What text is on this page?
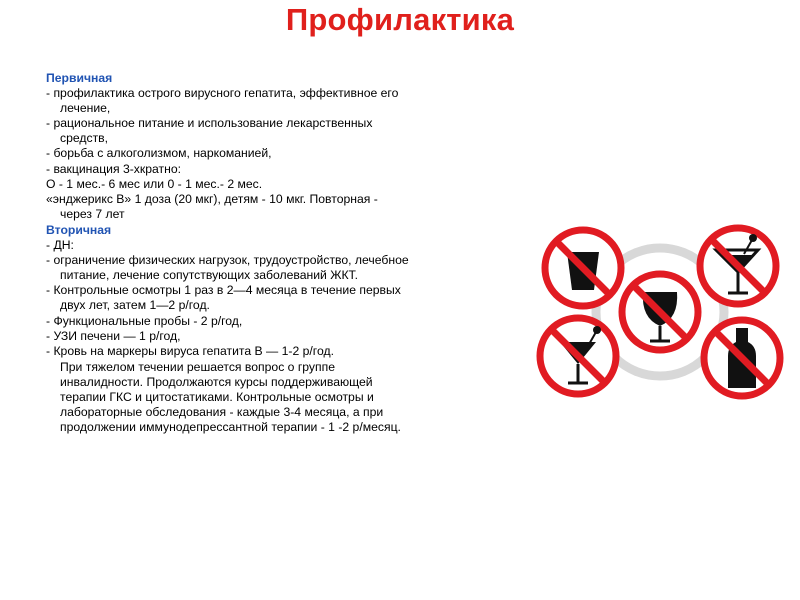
Профилактика
Первичная
- профилактика острого вирусного гепатита, эффективное его
лечение,
- рациональное питание и использование лекарственных
средств,
- борьба с алкоголизмом, наркоманией,
- вакцинация 3-хкратно:
О - 1 мес.- 6 мес или 0 - 1 мес.- 2 мес.
«энджерикс В» 1 доза (20 мкг), детям - 10 мкг. Повторная -
через 7 лет
Вторичная
- ДН:
- ограничение физических нагрузок, трудоустройство, лечебное
питание, лечение сопутствующих заболеваний ЖКТ.
- Контрольные осмотры 1 раз в 2—4 месяца в течение первых
двух лет, затем 1—2 р/год.
- Функциональные пробы - 2 р/год,
- УЗИ печени — 1 р/год,
- Кровь на маркеры вируса гепатита В — 1-2 р/год.
При тяжелом течении решается вопрос о группе
инвалидности. Продолжаются курсы поддерживающей
терапии ГКС и цитостатиками. Контрольные осмотры и
лабораторные обследования - каждые 3-4 месяца, а при
продолжении иммунодепрессантной терапии - 1 -2 р/месяц.
